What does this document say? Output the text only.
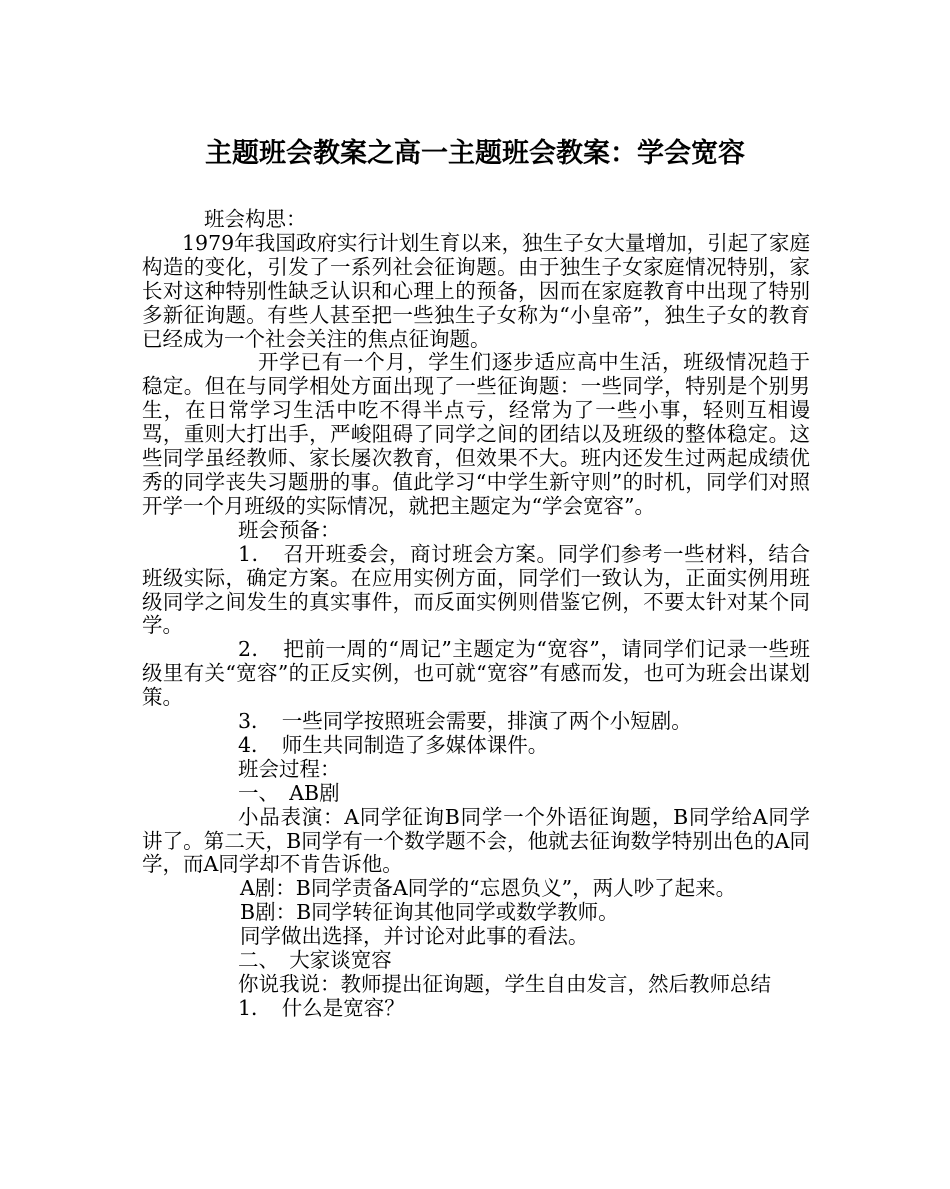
主题班会教案之高一主题班会教案：学会宽容

班会构思：

1979年我国政府实行计划生育以来，独生子女大量增加，引起了家庭构造的变化，引发了一系列社会征询题。由于独生子女家庭情况特别，家长对这种特别性缺乏认识和心理上的预备，因而在家庭教育中出现了特别多新征询题。有些人甚至把一些独生子女称为“小皇帝”，独生子女的教育已经成为一个社会关注的焦点征询题。

开学已有一个月，学生们逐步适应高中生活，班级情况趋于稳定。但在与同学相处方面出现了一些征询题：一些同学，特别是个别男生，在日常学习生活中吃不得半点亏，经常为了一些小事，轻则互相谩骂，重则大打出手，严峻阻碍了同学之间的团结以及班级的整体稳定。这些同学虽经教师、家长屡次教育，但效果不大。班内还发生过两起成绩优秀的同学丧失习题册的事。值此学习“中学生新守则”的时机，同学们对照开学一个月班级的实际情况，就把主题定为“学会宽容”。

班会预备：

1．　召开班委会，商讨班会方案。同学们参考一些材料，结合班级实际，确定方案。在应用实例方面，同学们一致认为，正面实例用班级同学之间发生的真实事件，而反面实例则借鉴它例，不要太针对某个同学。

2．　把前一周的“周记”主题定为“宽容”，请同学们记录一些班级里有关“宽容”的正反实例，也可就“宽容”有感而发，也可为班会出谋划策。

3．　一些同学按照班会需要，排演了两个小短剧。

4．　师生共同制造了多媒体课件。

班会过程：

一、　AB剧

小品表演：A同学征询B同学一个外语征询题，B同学给A同学讲了。第二天，B同学有一个数学题不会，他就去征询数学特别出色的A同学，而A同学却不肯告诉他。

A剧：B同学责备A同学的“忘恩负义”，两人吵了起来。

B剧：B同学转征询其他同学或数学教师。

同学做出选择，并讨论对此事的看法。

二、　大家谈宽容

你说我说：教师提出征询题，学生自由发言，然后教师总结

1．　什么是宽容？
